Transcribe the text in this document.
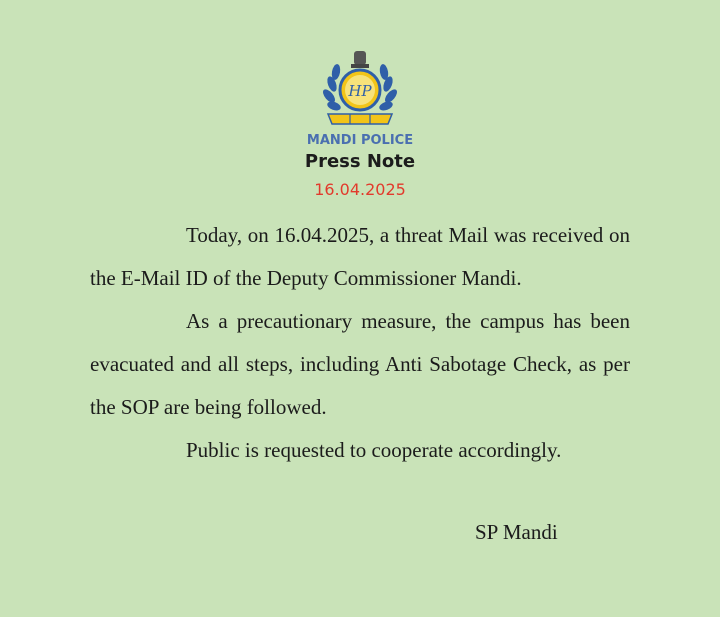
HP
MANDI POLICE
Press Note
16.04.2025

Today, on 16.04.2025, a threat Mail was received on the E-Mail ID of the Deputy Commissioner Mandi.

As a precautionary measure, the campus has been evacuated and all steps, including Anti Sabotage Check, as per the SOP are being followed.

Public is requested to cooperate accordingly.

SP Mandi
